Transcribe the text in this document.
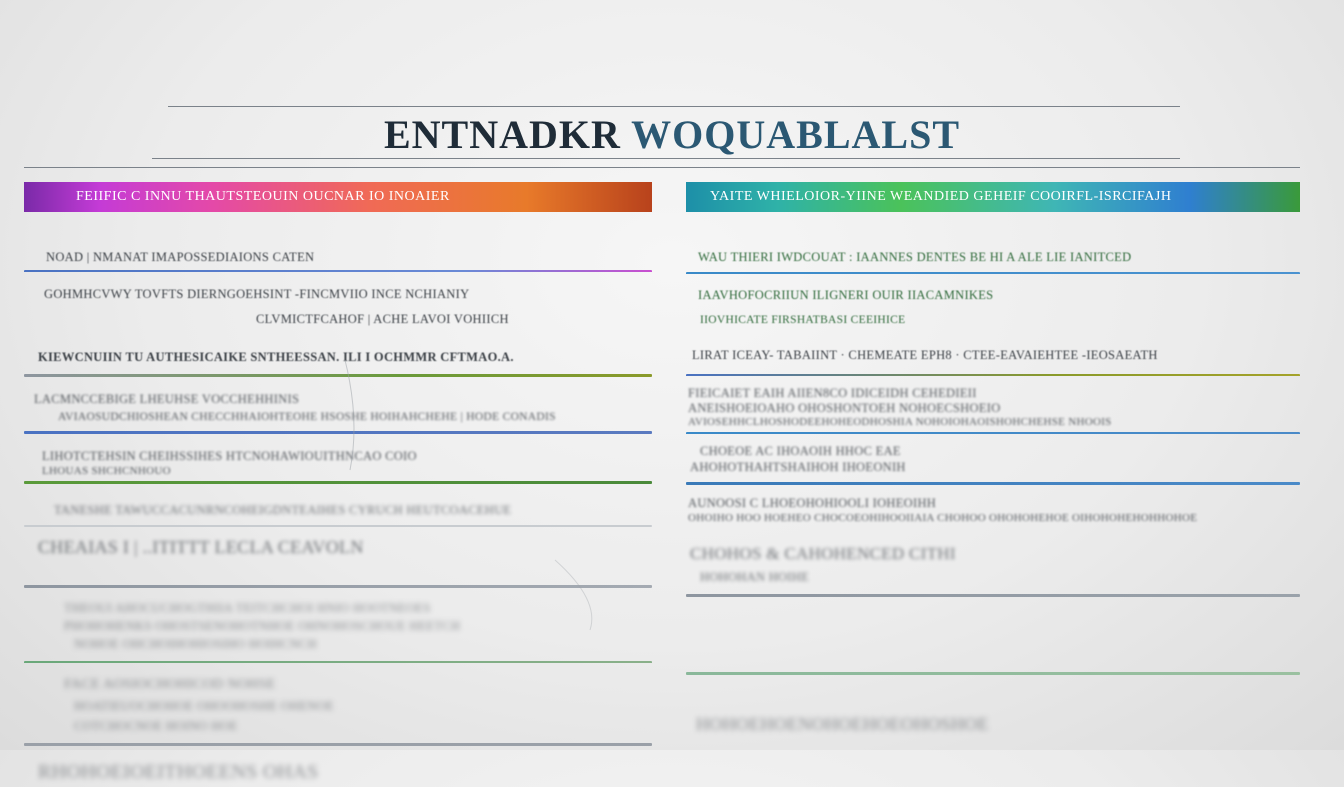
ENTNADKR WOQUABLALST
FEIIFIC C INNU THAUTSTEOUIN OUCNAR IO INOAIER
NOAD | NMANAT IMAPOSSEDIAIONS CATEN
GOHMHCVWY TOVFTS DIERNGOEHSINT -FINCMVIIO INCE NCHIANIY
CLVMICTFCAHOF | ACHE LAVOI VOHIICH
KIEWCNUIIN TU AUTHESICAIKE SNTHEESSAN. ILI I OCHMMR CFTMAO.A.
LACMNCCEBIGE LHEUHSE VOCCHEHHINIS
AVIAOSUDCHIOSHEAN CHECCHHAIOHTEOHE HSOSHE HOIHAHCHEHE | HODE CONADIS
LIHOTCTEHSIN CHEIHSSIHES HTCNOHAWIOUITHNCAO COIO
LHOUAS SHCHCNHOUO
TANESHE TAWUCCACUNRNCOHEIGDNTEAIHES CYRUCH HEUTCOACEHUE
CHEAIAS I | ..ITITTT LECLA CEAVOLN
THEOUI AHOCUCHOGTHIIA TEITCHCHOI HNIO HOOTNEOES
PHOHOHENKS OHOSTSENOHOTNHOE OHNOHOSCHOUE HEETCH
NOHOE OHCHOIHOHIOSIHO HOIHCNCH
FACE AOSIOCHOHICOD NOHSE
HOATIEUOCHOHOE OHOOHOSHE OHENOE
COTCHOCNOE HOINO HOE
RHOHOEIOEITHOEENS OHAS
YAITE WHIELOIOR-YIINE WEANDIED GEHEIF COOIRFL-ISRCIFAJH
WAU THIERI IWDCOUAT : IAANNES DENTES BE HI A ALE LIE IANITCED
IAAVHOFOCRIIUN ILIGNERI OUIR IIACAMNIKES
IIOVHICATE FIRSHATBASI CEEIHICE
LIRAT ICEAY- TABAIINT · CHEMEATE EPH8 · CTEE-EAVAIEHTEE -IEOSAEATH
FIEICAIET EAIH AIIEN8CO IDICEIDH CEHEDIEII
ANEISHOEIOAHO OHOSHONTOEH NOHOECSHOEIO
AVIOSEHHCLHOSHODEEHOHEODHOSHIA NOHOIOHAOISHOHCHEHSE NHOOIS
CHOEOE AC IHOAOIH HHOC EAE
AHOHOTHAHTSHAIHOH IHOEONIH
AUNOOSI C LHOEOHOHIOOLI IOHEOIHH
OHOIHO HOO HOEHEO CHOCOEOHIHOOIIAIA CHOHOO OHOHOHEHOE OIHOHOHEHOHHOHOE
CHOHOS & CAHOHENCED CITHI
HOHOHAN HOIHE
HOHOEHOENOHOEHOEOHOSHOE
